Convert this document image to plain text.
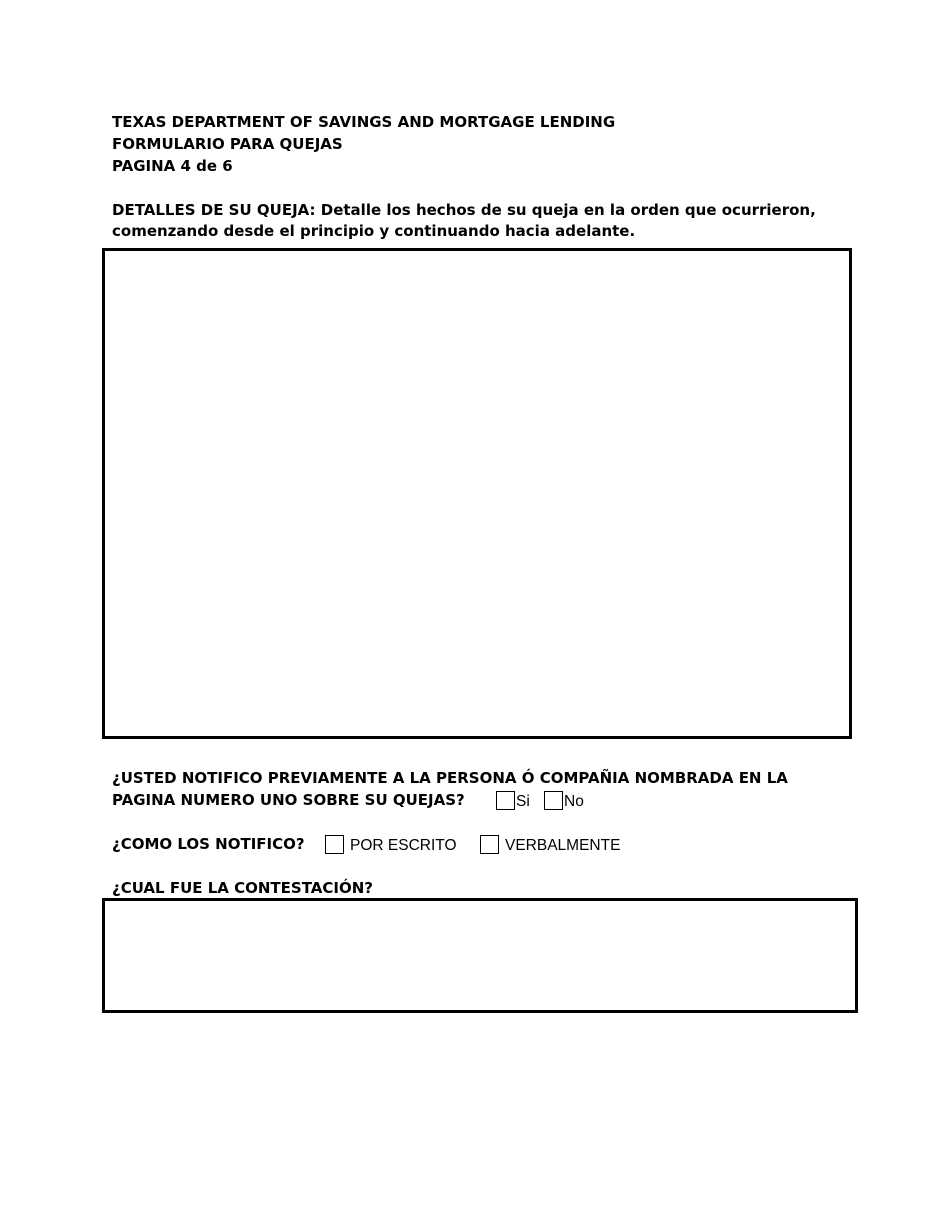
TEXAS DEPARTMENT OF SAVINGS AND MORTGAGE LENDING
FORMULARIO PARA QUEJAS
PAGINA 4 de 6
DETALLES DE SU QUEJA: Detalle los hechos de su queja en la orden que ocurrieron,
comenzando desde el principio y continuando hacia adelante.
¿USTED NOTIFICO PREVIAMENTE A LA PERSONA Ó COMPAÑIA NOMBRADA EN LA
PAGINA NUMERO UNO SOBRE SU QUEJAS?	Si No
¿COMO LOS NOTIFICO?	POR ESCRITO	VERBALMENTE
¿CUAL FUE LA CONTESTACIÓN?
